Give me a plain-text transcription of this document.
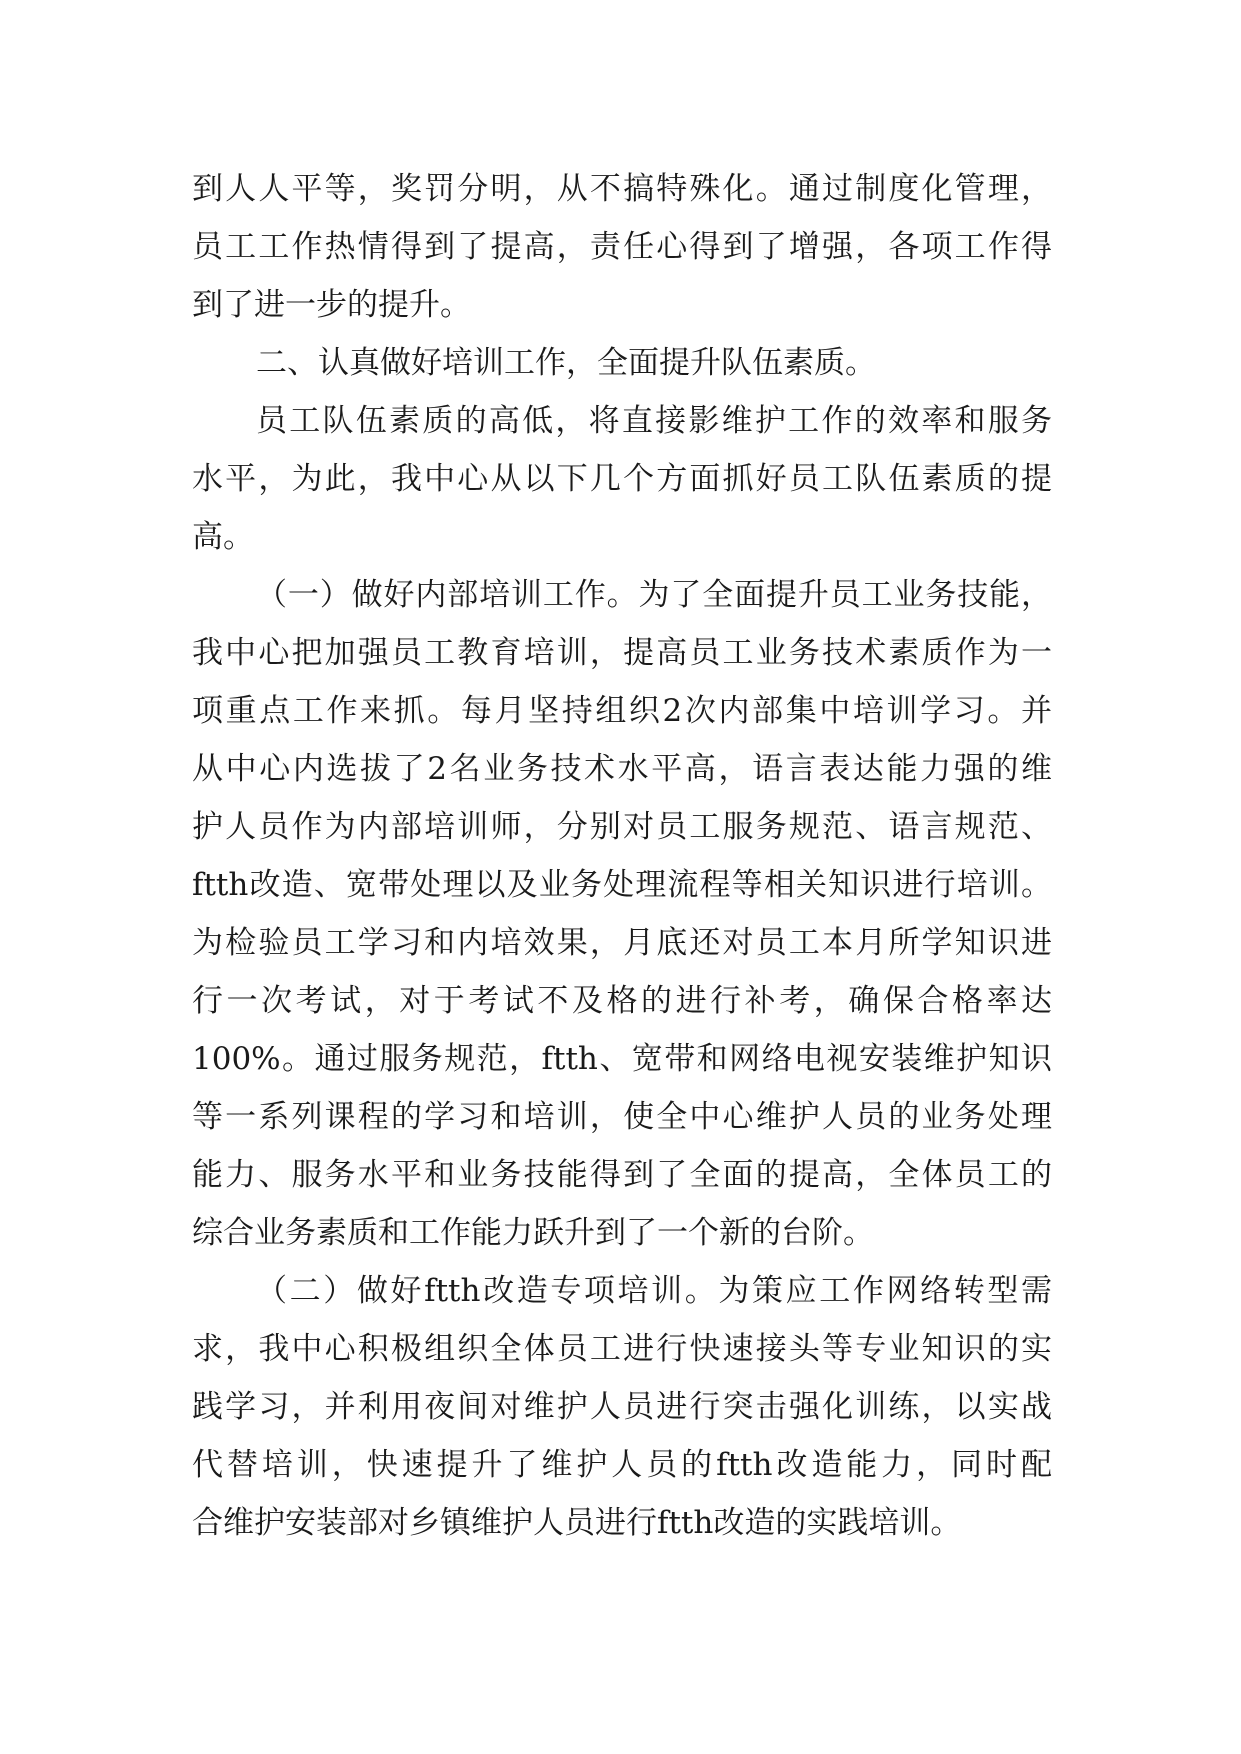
到人人平等，奖罚分明，从不搞特殊化。通过制度化管理，
员工工作热情得到了提高，责任心得到了增强，各项工作得
到了进一步的提升。
二、认真做好培训工作，全面提升队伍素质。
员工队伍素质的高低，将直接影维护工作的效率和服务
水平，为此，我中心从以下几个方面抓好员工队伍素质的提
高。
（一）做好内部培训工作。为了全面提升员工业务技能，
我中心把加强员工教育培训，提高员工业务技术素质作为一
项重点工作来抓。每月坚持组织2次内部集中培训学习。并
从中心内选拔了2名业务技术水平高，语言表达能力强的维
护人员作为内部培训师，分别对员工服务规范、语言规范、
ftth改造、宽带处理以及业务处理流程等相关知识进行培训。
为检验员工学习和内培效果，月底还对员工本月所学知识进
行一次考试，对于考试不及格的进行补考，确保合格率达
100%。通过服务规范，ftth、宽带和网络电视安装维护知识
等一系列课程的学习和培训，使全中心维护人员的业务处理
能力、服务水平和业务技能得到了全面的提高，全体员工的
综合业务素质和工作能力跃升到了一个新的台阶。
（二）做好ftth改造专项培训。为策应工作网络转型需
求，我中心积极组织全体员工进行快速接头等专业知识的实
践学习，并利用夜间对维护人员进行突击强化训练，以实战
代替培训，快速提升了维护人员的ftth改造能力，同时配
合维护安装部对乡镇维护人员进行ftth改造的实践培训。
